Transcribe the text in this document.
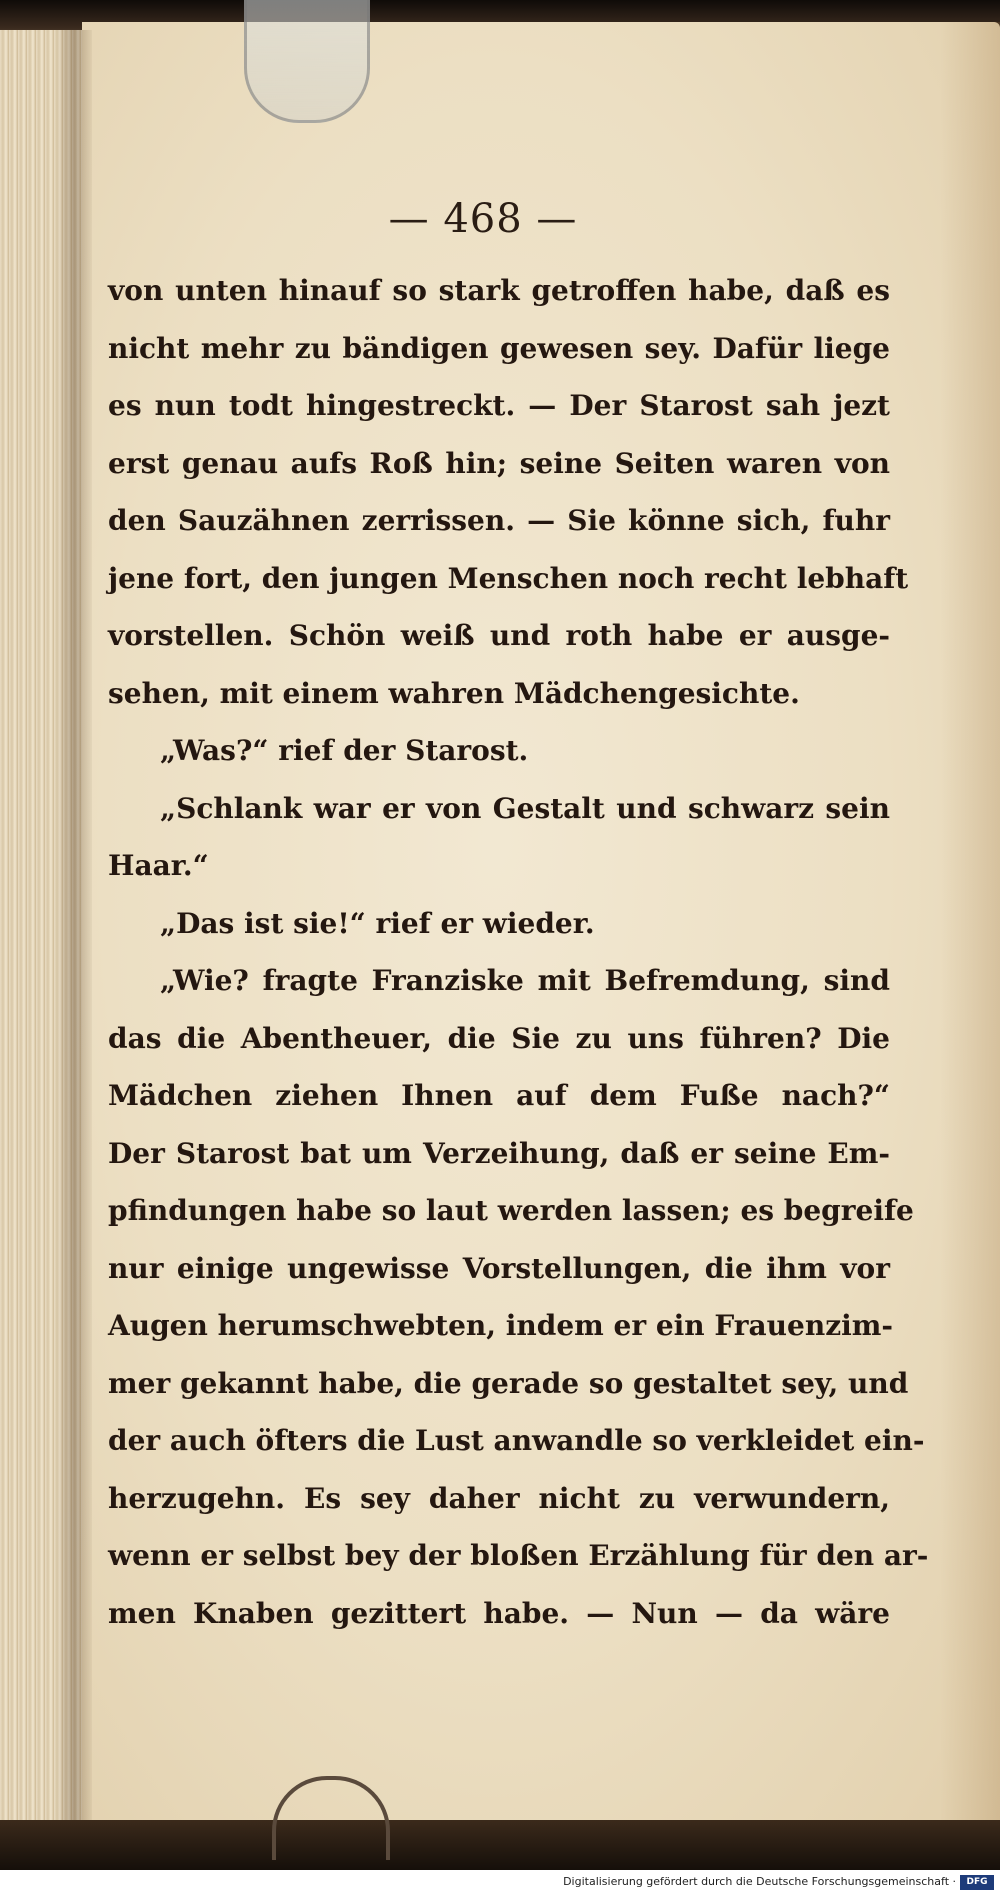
— 468 —
von unten hinauf so stark getroffen habe, daß es
nicht mehr zu bändigen gewesen sey. Dafür liege
es nun todt hingestreckt. — Der Starost sah jezt
erst genau aufs Roß hin; seine Seiten waren von
den Sauzähnen zerrissen. — Sie könne sich, fuhr
jene fort, den jungen Menschen noch recht lebhaft
vorstellen. Schön weiß und roth habe er ausge-
sehen, mit einem wahren Mädchengesichte.
„Was?“ rief der Starost.
„Schlank war er von Gestalt und schwarz sein
Haar.“
„Das ist sie!“ rief er wieder.
„Wie? fragte Franziske mit Befremdung, sind
das die Abentheuer, die Sie zu uns führen? Die
Mädchen ziehen Ihnen auf dem Fuße nach?“
Der Starost bat um Verzeihung, daß er seine Em-
pfindungen habe so laut werden lassen; es begreife
nur einige ungewisse Vorstellungen, die ihm vor
Augen herumschwebten, indem er ein Frauenzim-
mer gekannt habe, die gerade so gestaltet sey, und
der auch öfters die Lust anwandle so verkleidet ein-
herzugehn. Es sey daher nicht zu verwundern,
wenn er selbst bey der bloßen Erzählung für den ar-
men Knaben gezittert habe. — Nun — da wäre
Digitalisierung gefördert durch die Deutsche Forschungsgemeinschaft ·	DFG
